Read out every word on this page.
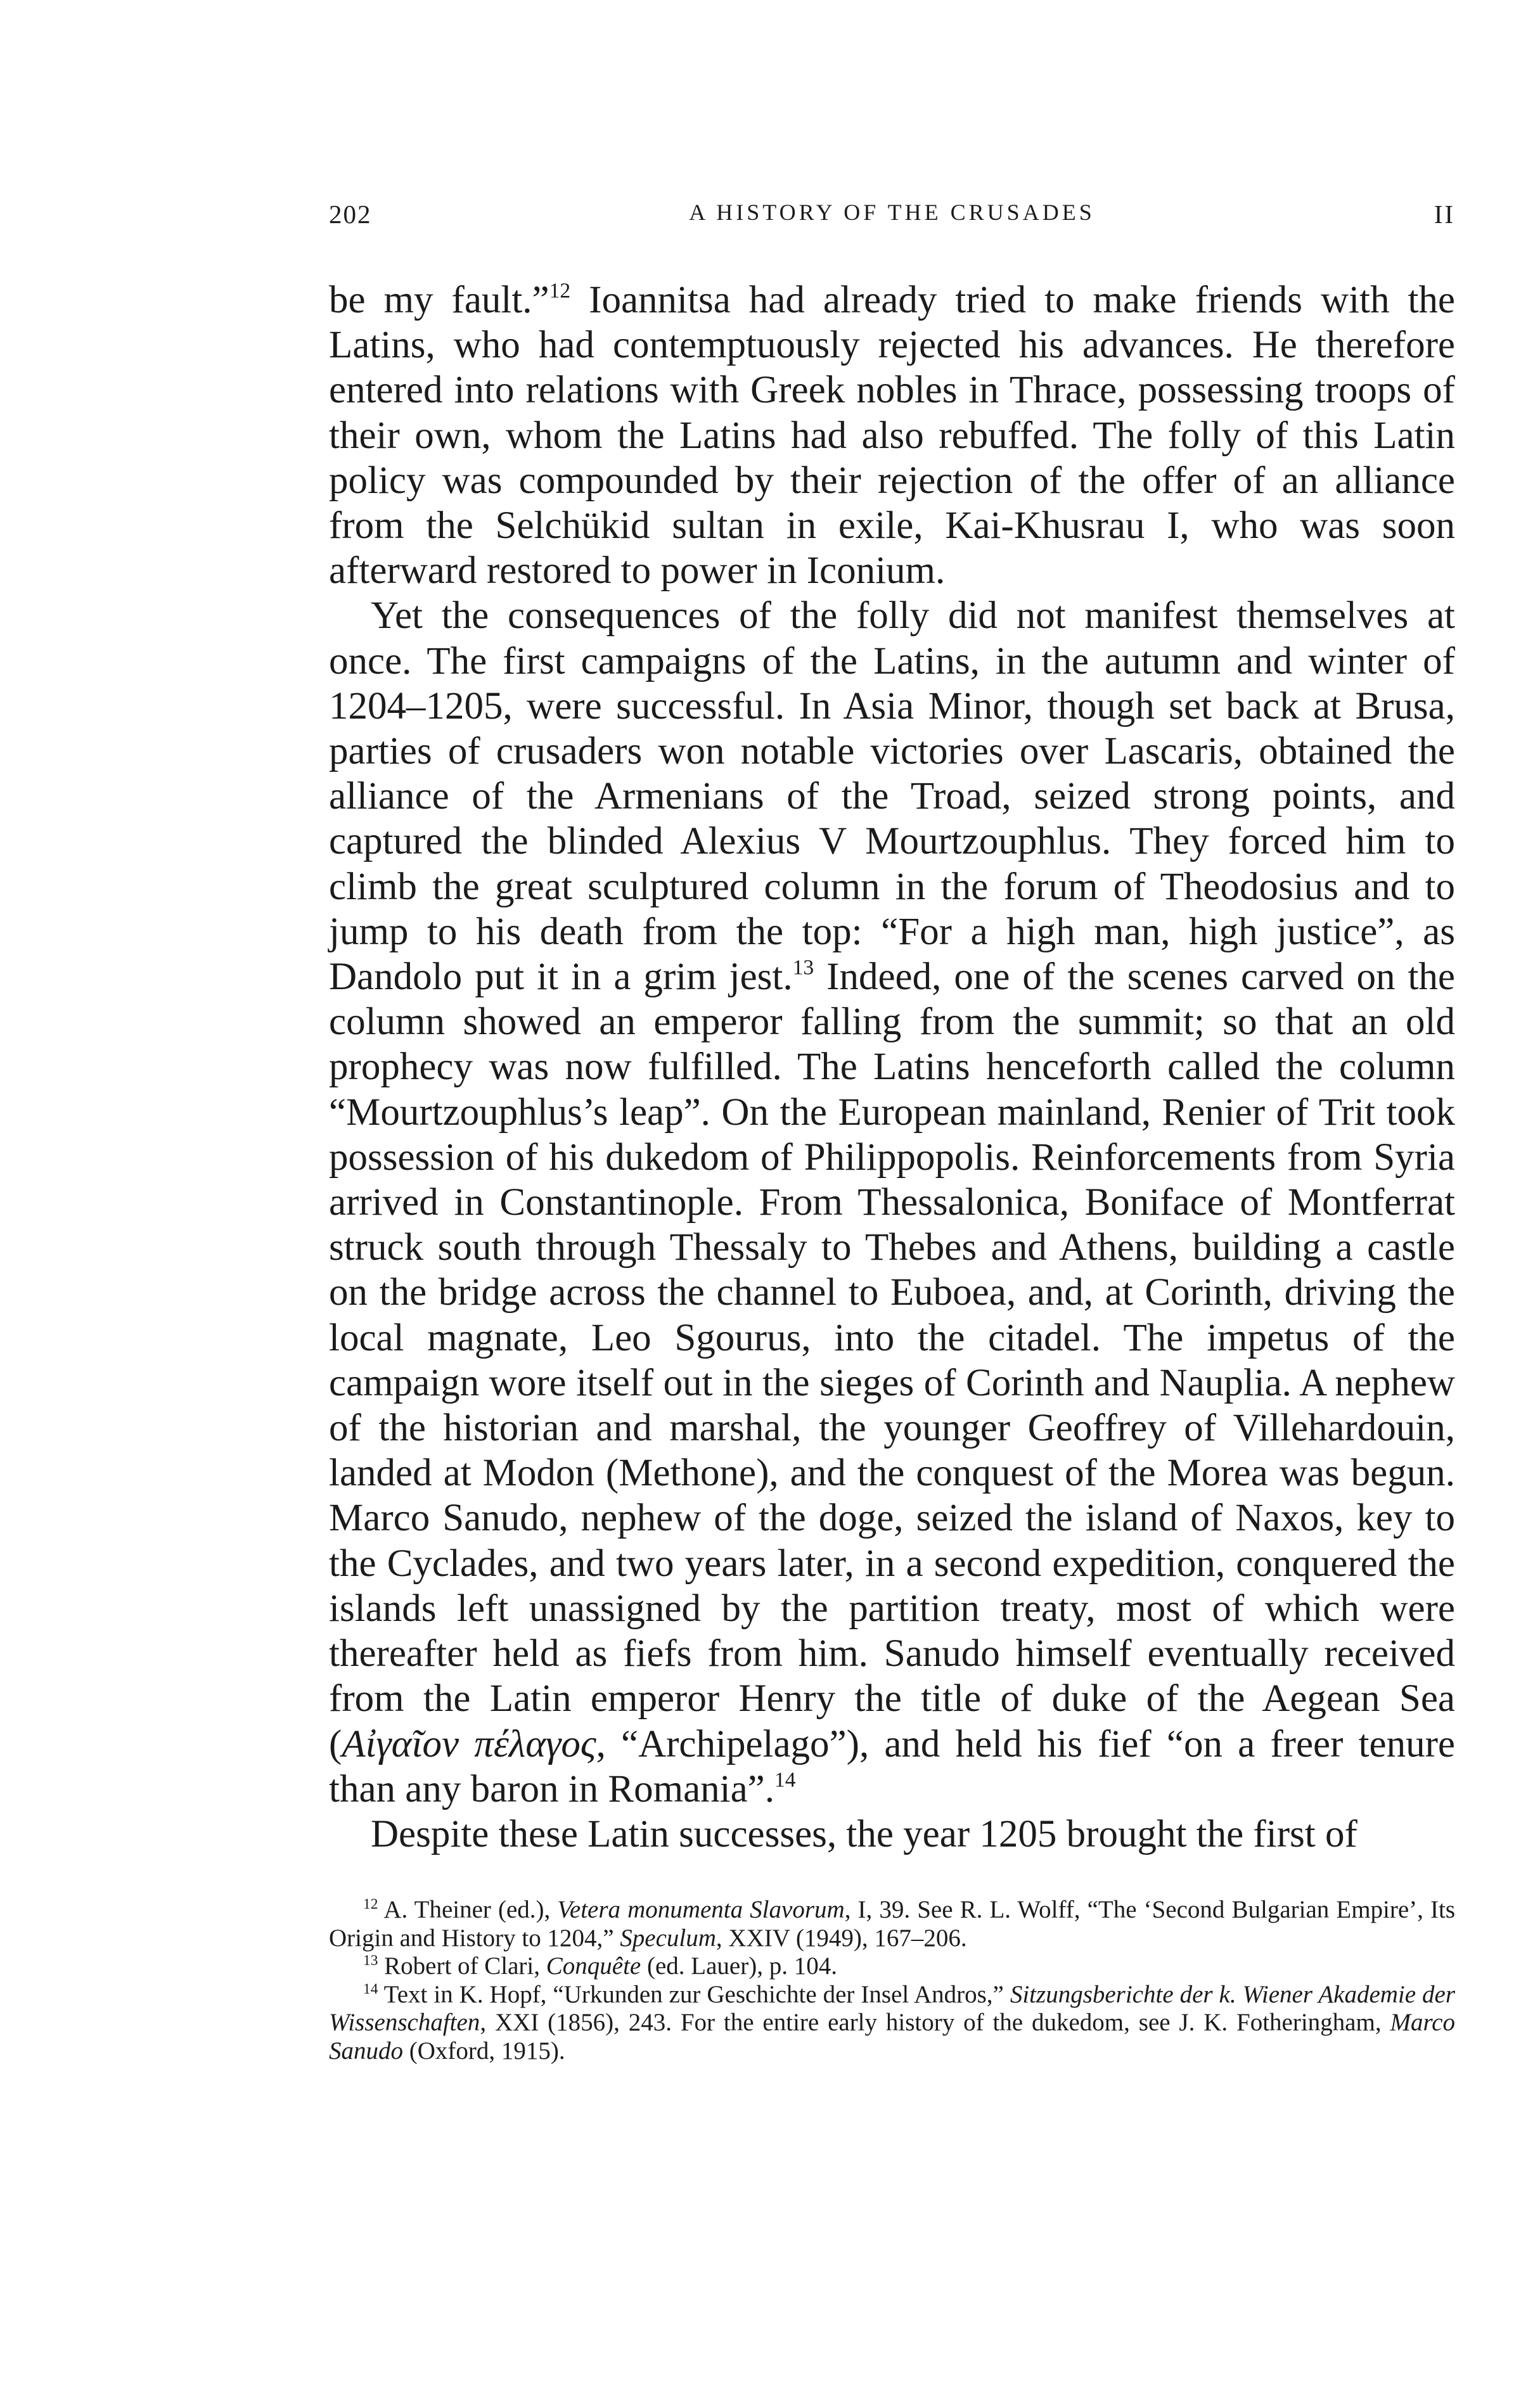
202	A HISTORY OF THE CRUSADES	II

be my fault.”$^{12}$ Ioannitsa had already tried to make friends with the Latins, who had contemptuously rejected his advances. He therefore entered into relations with Greek nobles in Thrace, possessing troops of their own, whom the Latins had also rebuffed. The folly of this Latin policy was compounded by their rejection of the offer of an alliance from the Selchükid sultan in exile, Kai-Khusrau I, who was soon afterward restored to power in Iconium.

Yet the consequences of the folly did not manifest themselves at once. The first campaigns of the Latins, in the autumn and winter of 1204–1205, were successful. In Asia Minor, though set back at Brusa, parties of crusaders won notable victories over Lascaris, obtained the alliance of the Armenians of the Troad, seized strong points, and captured the blinded Alexius V Mourtzouphlus. They forced him to climb the great sculptured column in the forum of Theodosius and to jump to his death from the top: “For a high man, high justice”, as Dandolo put it in a grim jest.$^{13}$ Indeed, one of the scenes carved on the column showed an emperor falling from the summit; so that an old prophecy was now fulfilled. The Latins henceforth called the column “Mourtzouphlus’s leap”. On the European mainland, Renier of Trit took possession of his dukedom of Philippopolis. Reinforcements from Syria arrived in Constantinople. From Thessalonica, Boniface of Montferrat struck south through Thessaly to Thebes and Athens, building a castle on the bridge across the channel to Euboea, and, at Corinth, driving the local magnate, Leo Sgourus, into the citadel. The impetus of the campaign wore itself out in the sieges of Corinth and Nauplia. A nephew of the historian and marshal, the younger Geoffrey of Villehardouin, landed at Modon (Methone), and the conquest of the Morea was begun. Marco Sanudo, nephew of the doge, seized the island of Naxos, key to the Cyclades, and two years later, in a second expedition, conquered the islands left unassigned by the partition treaty, most of which were thereafter held as fiefs from him. Sanudo himself eventually received from the Latin emperor Henry the title of duke of the Aegean Sea (Αἰγαῖον πέλαγος, “Archipelago”), and held his fief “on a freer tenure than any baron in Romania”.$^{14}$

Despite these Latin successes, the year 1205 brought the first of

$^{12}$ A. Theiner (ed.), Vetera monumenta Slavorum, I, 39. See R. L. Wolff, “The ‘Second Bulgarian Empire’, Its Origin and History to 1204,” Speculum, XXIV (1949), 167–206.

$^{13}$ Robert of Clari, Conquête (ed. Lauer), p. 104.

$^{14}$ Text in K. Hopf, “Urkunden zur Geschichte der Insel Andros,” Sitzungsberichte der k. Wiener Akademie der Wissenschaften, XXI (1856), 243. For the entire early history of the dukedom, see J. K. Fotheringham, Marco Sanudo (Oxford, 1915).
